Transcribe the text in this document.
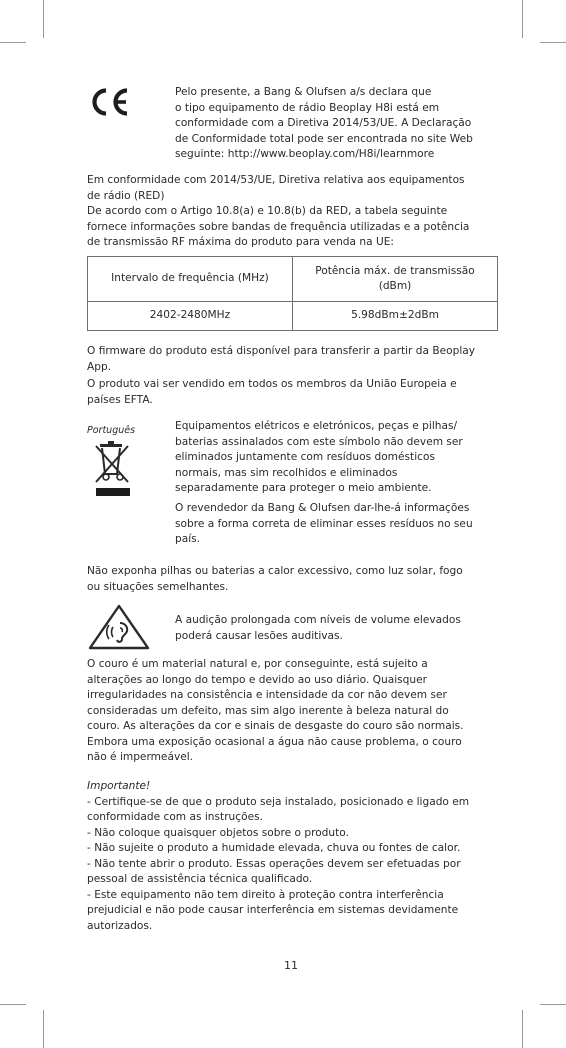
Pelo presente, a Bang & Olufsen a/s declara que

o tipo equipamento de rádio Beoplay H8i está em

conformidade com a Diretiva 2014/53/UE. A Declaração

de Conformidade total pode ser encontrada no site Web

seguinte: http://www.beoplay.com/H8i/learnmore

Em conformidade com 2014/53/UE, Diretiva relativa aos equipamentos

de rádio (RED)

De acordo com o Artigo 10.8(a) e 10.8(b) da RED, a tabela seguinte

fornece informações sobre bandas de frequência utilizadas e a potência

de transmissão RF máxima do produto para venda na UE:

Intervalo de frequência (MHz)	Potência máx. de transmissão
(dBm)

2402-2480MHz	5.98dBm±2dBm

O firmware do produto está disponível para transferir a partir da Beoplay

App.

O produto vai ser vendido em todos os membros da União Europeia e

países EFTA.

Português	Equipamentos elétricos e eletrónicos, peças e pilhas/

baterias assinalados com este símbolo não devem ser

eliminados juntamente com resíduos domésticos

normais, mas sim recolhidos e eliminados

separadamente para proteger o meio ambiente.

O revendedor da Bang & Olufsen dar-lhe-á informações

sobre a forma correta de eliminar esses resíduos no seu

país.

Não exponha pilhas ou baterias a calor excessivo, como luz solar, fogo

ou situações semelhantes.

A audição prolongada com níveis de volume elevados

poderá causar lesões auditivas.

O couro é um material natural e, por conseguinte, está sujeito a

alterações ao longo do tempo e devido ao uso diário. Quaisquer

irregularidades na consistência e intensidade da cor não devem ser

consideradas um defeito, mas sim algo inerente à beleza natural do

couro. As alterações da cor e sinais de desgaste do couro são normais.

Embora uma exposição ocasional a água não cause problema, o couro

não é impermeável.

Importante!

- Certifique-se de que o produto seja instalado, posicionado e ligado em

conformidade com as instruções.

- Não coloque quaisquer objetos sobre o produto.

- Não sujeite o produto a humidade elevada, chuva ou fontes de calor.

- Não tente abrir o produto. Essas operações devem ser efetuadas por

pessoal de assistência técnica qualificado.

- Este equipamento não tem direito à proteção contra interferência

prejudicial e não pode causar interferência em sistemas devidamente

autorizados.

11
